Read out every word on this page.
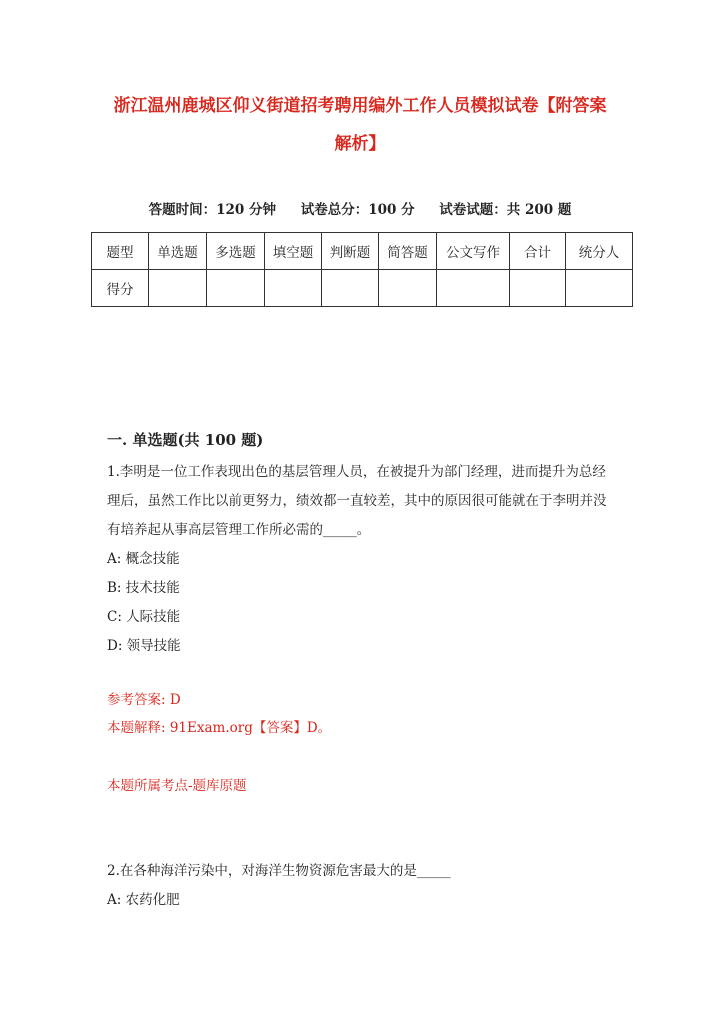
浙江温州鹿城区仰义街道招考聘用编外工作人员模拟试卷【附答案
解析】
答题时间：120 分钟 试卷总分：100 分 试卷试题：共 200 题
题型	单选题	多选题	填空题	判断题	简答题	公文写作	合计	统分人
得分								
一. 单选题(共 100 题)

1.李明是一位工作表现出色的基层管理人员，在被提升为部门经理，进而提升为总经理后，虽然工作比以前更努力，绩效都一直较差，其中的原因很可能就在于李明并没有培养起从事高层管理工作所必需的_____。

A: 概念技能

B: 技术技能

C: 人际技能

D: 领导技能

参考答案: D
本题解释: 91Exam.org【答案】D。
本题所属考点-题库原题

2.在各种海洋污染中，对海洋生物资源危害最大的是_____

A: 农药化肥
